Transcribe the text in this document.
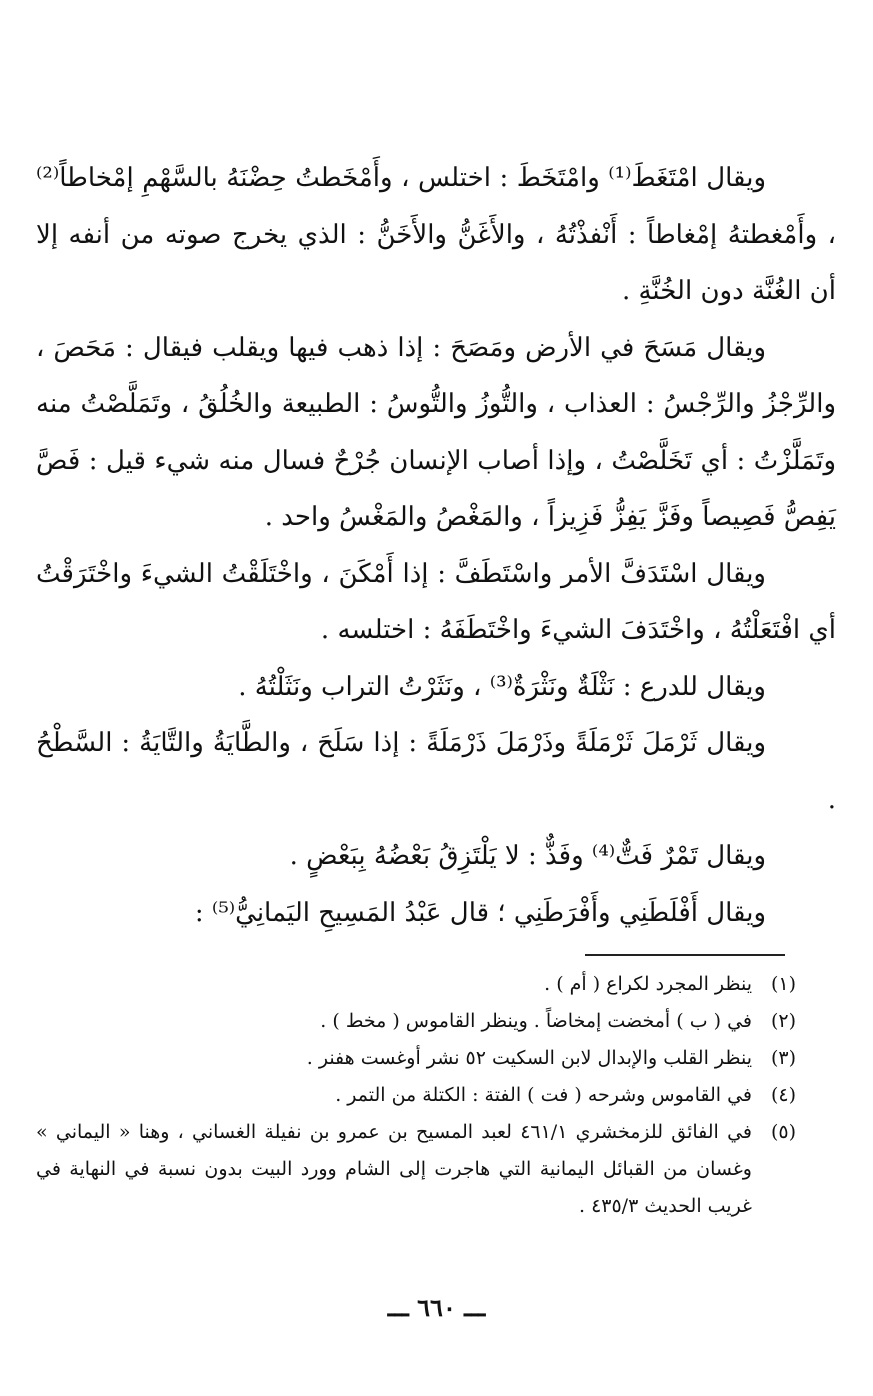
ويقال امْتَغَطَ⁽¹⁾ وامْتَخَطَ : اختلس ، وأَمْخَطتُ حِضْنَهُ بالسَّهْمِ إمْخاطاً⁽²⁾ ، وأَمْغطتهُ إمْغاطاً : أَنْفذْتُهُ ، والأَغَنُّ والأَخَنُّ : الذي يخرج صوته من أنفه إلا أن الغُنَّة دون الخُنَّةِ .

ويقال مَسَحَ في الأرض ومَصَحَ : إذا ذهب فيها ويقلب فيقال : مَحَصَ ، والرِّجْزُ والرِّجْسُ : العذاب ، والتُّوزُ والتُّوسُ : الطبيعة والخُلُقُ ، وتَمَلَّصْتُ منه وتَمَلَّزْتُ : أي تَخَلَّصْتُ ، وإذا أصاب الإنسان جُرْحٌ فسال منه شيء قيل : فَصَّ يَفِصُّ فَصِيصاً وفَزَّ يَفِزُّ فَزِيزاً ، والمَغْصُ والمَغْسُ واحد .

ويقال اسْتَدَفَّ الأمر واسْتَطَفَّ : إذا أَمْكَنَ ، واخْتَلَقْتُ الشيءَ واخْتَرَقْتُ أي افْتَعَلْتُهُ ، واخْتَدَفَ الشيءَ واخْتَطَفَهُ : اختلسه .

ويقال للدرع : نَثْلَةٌ ونَثْرَةٌ⁽³⁾ ، ونَثَرْتُ التراب ونَثَلْتُهُ .

ويقال ثَرْمَلَ ثَرْمَلَةً وذَرْمَلَ ذَرْمَلَةً : إذا سَلَحَ ، والطَّايَةُ والتَّايَةُ : السَّطْحُ .

ويقال تَمْرٌ فَتٌّ⁽⁴⁾ وفَذٌّ : لا يَلْتَزِقُ بَعْضُهُ بِبَعْضٍ .

ويقال أَفْلَطَنِي وأَفْرَطَنِي ؛ قال عَبْدُ المَسِيحِ اليَمانِيُّ⁽⁵⁾ :

(١)
ينظر المجرد لكراع ( أم ) .
(٢)
في ( ب ) أمخضت إمخاضاً . وينظر القاموس ( مخط ) .
(٣)
ينظر القلب والإبدال لابن السكيت ٥٢ نشر أوغست هفنر .
(٤)
في القاموس وشرحه ( فت ) الفتة : الكتلة من التمر .
(٥)
في الفائق للزمخشري ٤٦١/١ لعبد المسيح بن عمرو بن نفيلة الغساني ، وهنا « اليماني » وغسان من القبائل اليمانية التي هاجرت إلى الشام وورد البيت بدون نسبة في النهاية في غريب الحديث ٤٣٥/٣ .
ـــ ٦٦٠ ـــ
